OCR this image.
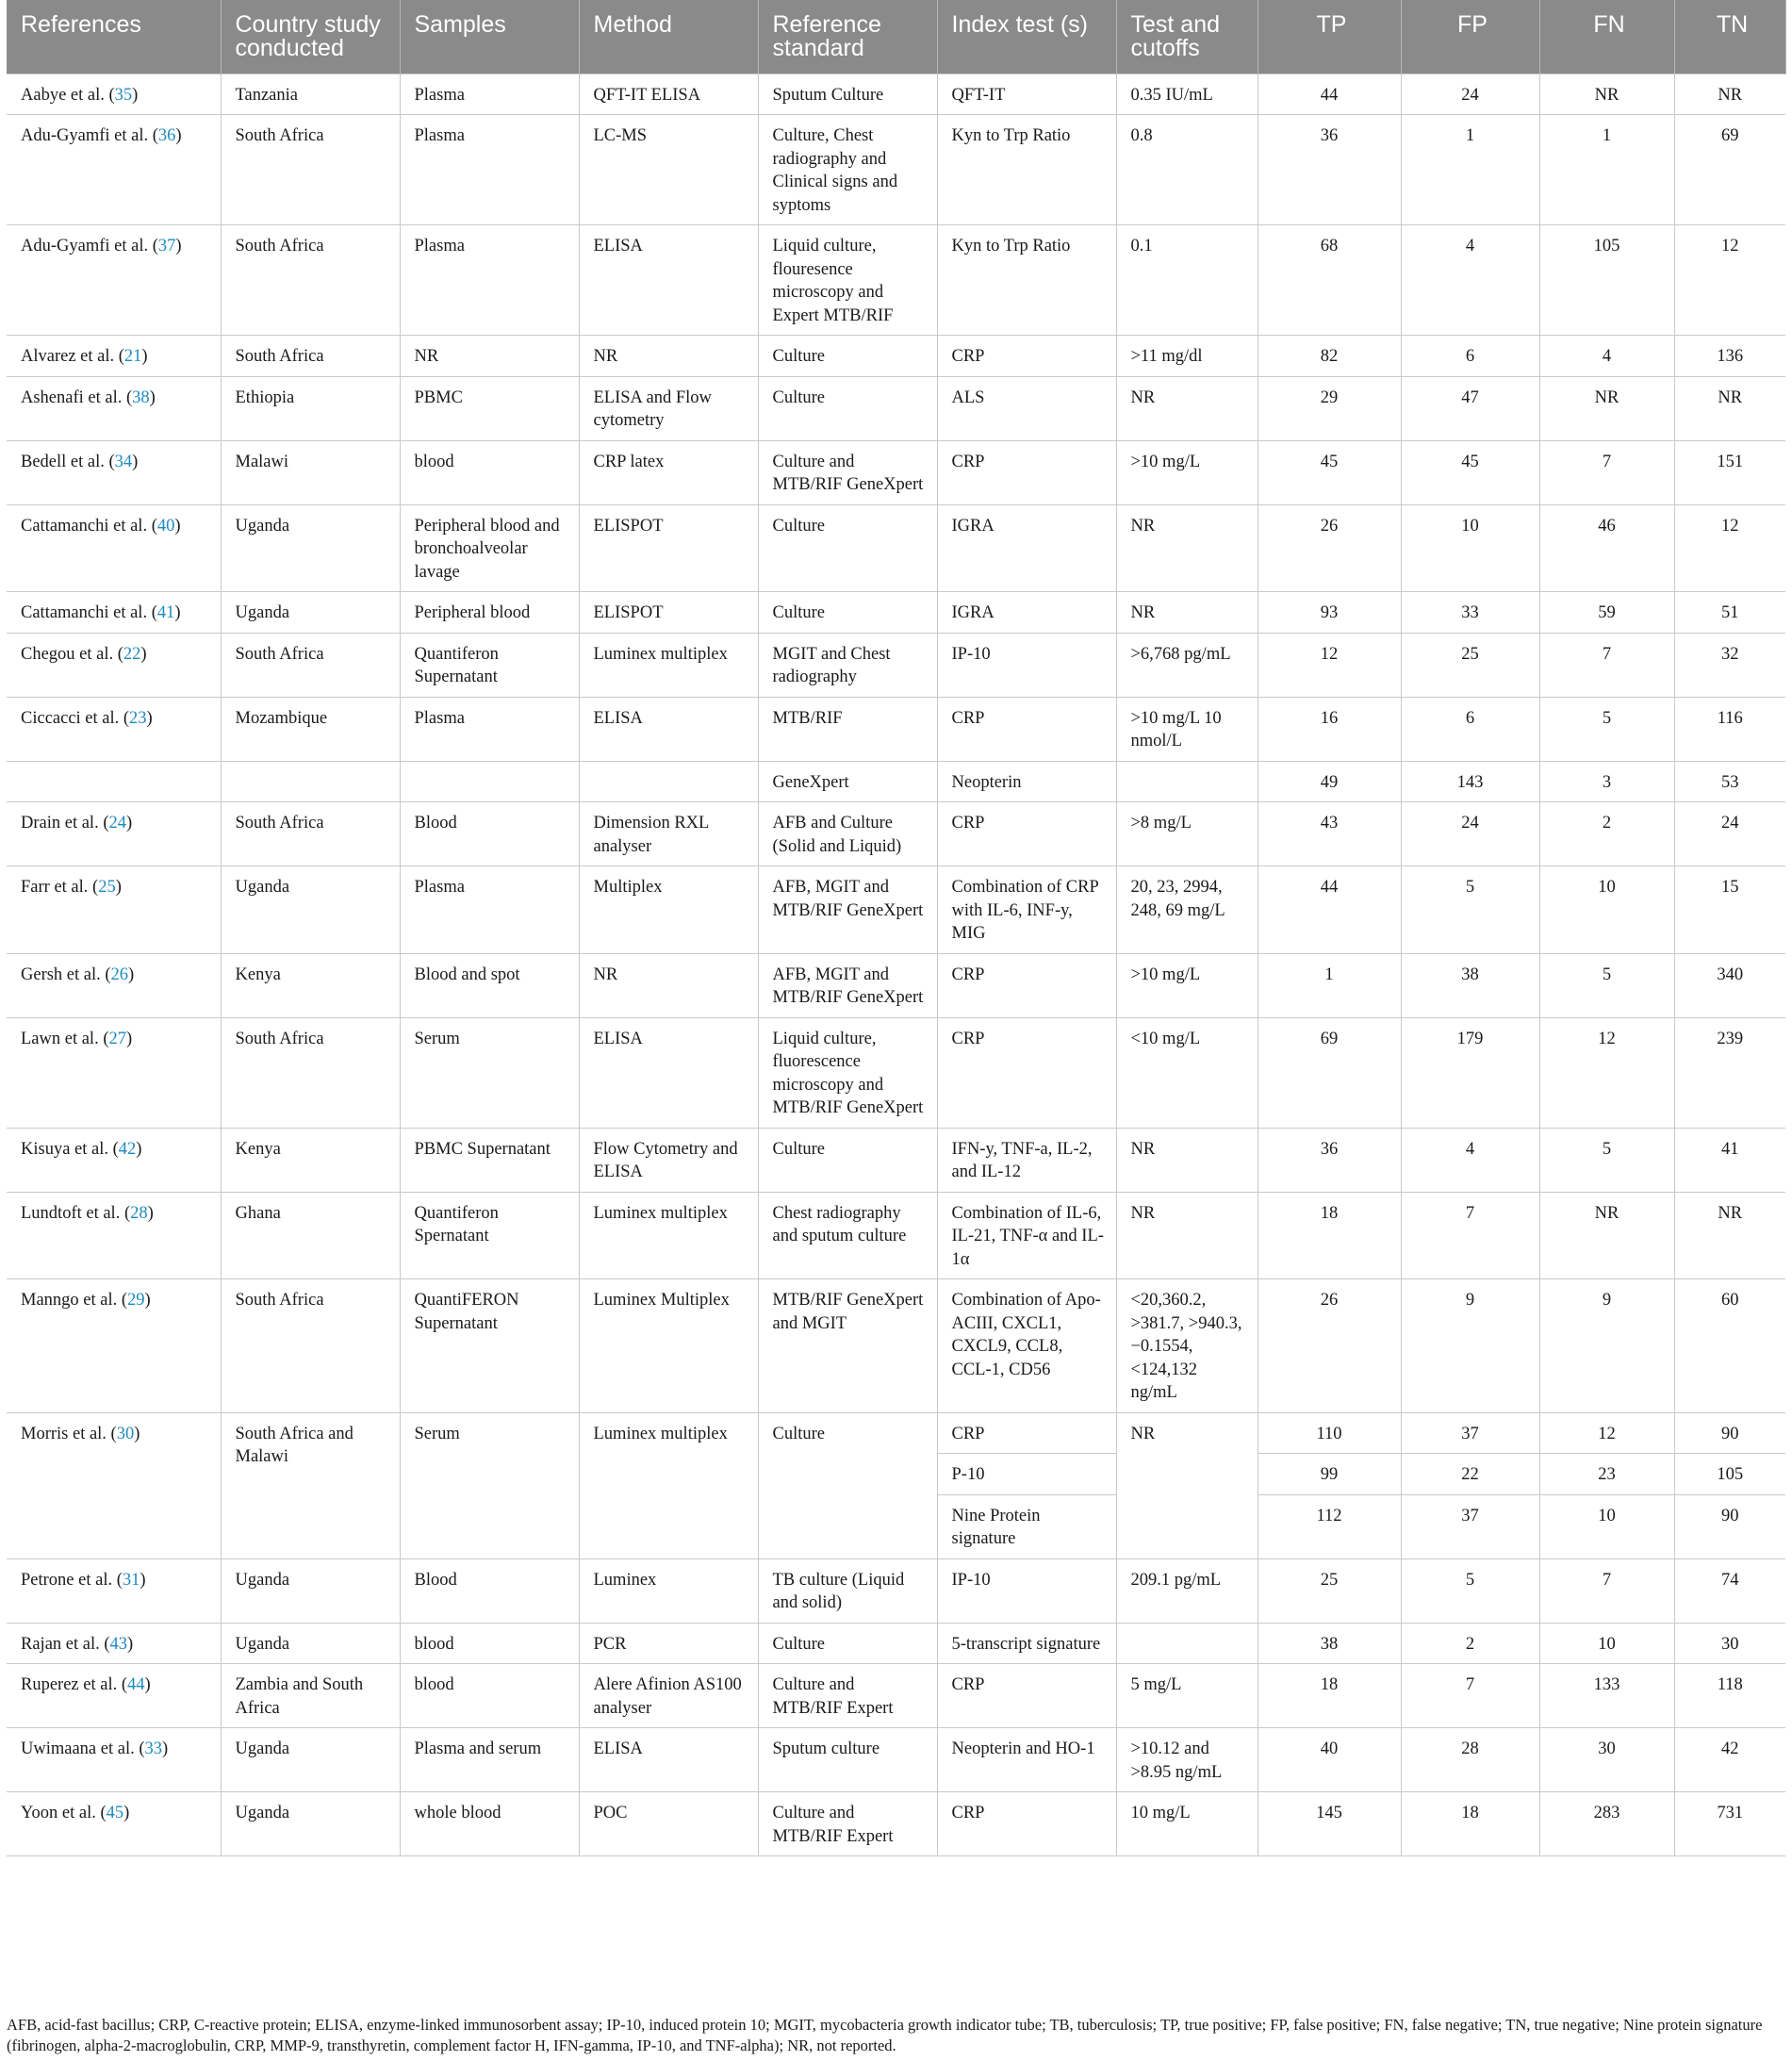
References	Country study conducted	Samples	Method	Reference standard	Index test (s)	Test and cutoffs	TP	FP	FN	TN
Aabye et al. (35)	Tanzania	Plasma	QFT-IT ELISA	Sputum Culture	QFT-IT	0.35 IU/mL	44	24	NR	NR
Adu-Gyamfi et al. (36)	South Africa	Plasma	LC-MS	Culture, Chest radiography and Clinical signs and syptoms	Kyn to Trp Ratio	0.8	36	1	1	69
Adu-Gyamfi et al. (37)	South Africa	Plasma	ELISA	Liquid culture, flouresence microscopy and Expert MTB/RIF	Kyn to Trp Ratio	0.1	68	4	105	12
Alvarez et al. (21)	South Africa	NR	NR	Culture	CRP	>11 mg/dl	82	6	4	136
Ashenafi et al. (38)	Ethiopia	PBMC	ELISA and Flow cytometry	Culture	ALS	NR	29	47	NR	NR
Bedell et al. (34)	Malawi	blood	CRP latex	Culture and MTB/RIF GeneXpert	CRP	>10 mg/L	45	45	7	151
Cattamanchi et al. (40)	Uganda	Peripheral blood and bronchoalveolar lavage	ELISPOT	Culture	IGRA	NR	26	10	46	12
Cattamanchi et al. (41)	Uganda	Peripheral blood	ELISPOT	Culture	IGRA	NR	93	33	59	51
Chegou et al. (22)	South Africa	Quantiferon Supernatant	Luminex multiplex	MGIT and Chest radiography	IP-10	>6,768 pg/mL	12	25	7	32
Ciccacci et al. (23)	Mozambique	Plasma	ELISA	MTB/RIF	CRP	>10 mg/L 10 nmol/L	16	6	5	116
				GeneXpert	Neopterin		49	143	3	53
Drain et al. (24)	South Africa	Blood	Dimension RXL analyser	AFB and Culture (Solid and Liquid)	CRP	>8 mg/L	43	24	2	24
Farr et al. (25)	Uganda	Plasma	Multiplex	AFB, MGIT and MTB/RIF GeneXpert	Combination of CRP with IL-6, INF-y, MIG	20, 23, 2994, 248, 69 mg/L	44	5	10	15
Gersh et al. (26)	Kenya	Blood and spot	NR	AFB, MGIT and MTB/RIF GeneXpert	CRP	>10 mg/L	1	38	5	340
Lawn et al. (27)	South Africa	Serum	ELISA	Liquid culture, fluorescence microscopy and MTB/RIF GeneXpert	CRP	<10 mg/L	69	179	12	239
Kisuya et al. (42)	Kenya	PBMC Supernatant	Flow Cytometry and ELISA	Culture	IFN-y, TNF-a, IL-2, and IL-12	NR	36	4	5	41
Lundtoft et al. (28)	Ghana	Quantiferon Spernatant	Luminex multiplex	Chest radiography and sputum culture	Combination of IL-6, IL-21, TNF-α and IL-1α	NR	18	7	NR	NR
Manngo et al. (29)	South Africa	QuantiFERON Supernatant	Luminex Multiplex	MTB/RIF GeneXpert and MGIT	Combination of Apo-ACIII, CXCL1, CXCL9, CCL8, CCL-1, CD56	<20,360.2, >381.7, >940.3, −0.1554, <124,132 ng/mL	26	9	9	60
Morris et al. (30)	South Africa and Malawi	Serum	Luminex multiplex	Culture	CRP	NR	110	37	12	90
					P-10		99	22	23	105
					Nine Protein signature		112	37	10	90
Petrone et al. (31)	Uganda	Blood	Luminex	TB culture (Liquid and solid)	IP-10	209.1 pg/mL	25	5	7	74
Rajan et al. (43)	Uganda	blood	PCR	Culture	5-transcript signature		38	2	10	30
Ruperez et al. (44)	Zambia and South Africa	blood	Alere Afinion AS100 analyser	Culture and MTB/RIF Expert	CRP	5 mg/L	18	7	133	118
Uwimaana et al. (33)	Uganda	Plasma and serum	ELISA	Sputum culture	Neopterin and HO-1	>10.12 and >8.95 ng/mL	40	28	30	42
Yoon et al. (45)	Uganda	whole blood	POC	Culture and MTB/RIF Expert	CRP	10 mg/L	145	18	283	731
AFB, acid-fast bacillus; CRP, C-reactive protein; ELISA, enzyme-linked immunosorbent assay; IP-10, induced protein 10; MGIT, mycobacteria growth indicator tube; TB, tuberculosis; TP, true positive; FP, false positive; FN, false negative; TN, true negative; Nine protein signature (fibrinogen, alpha-2-macroglobulin, CRP, MMP-9, transthyretin, complement factor H, IFN-gamma, IP-10, and TNF-alpha); NR, not reported.
